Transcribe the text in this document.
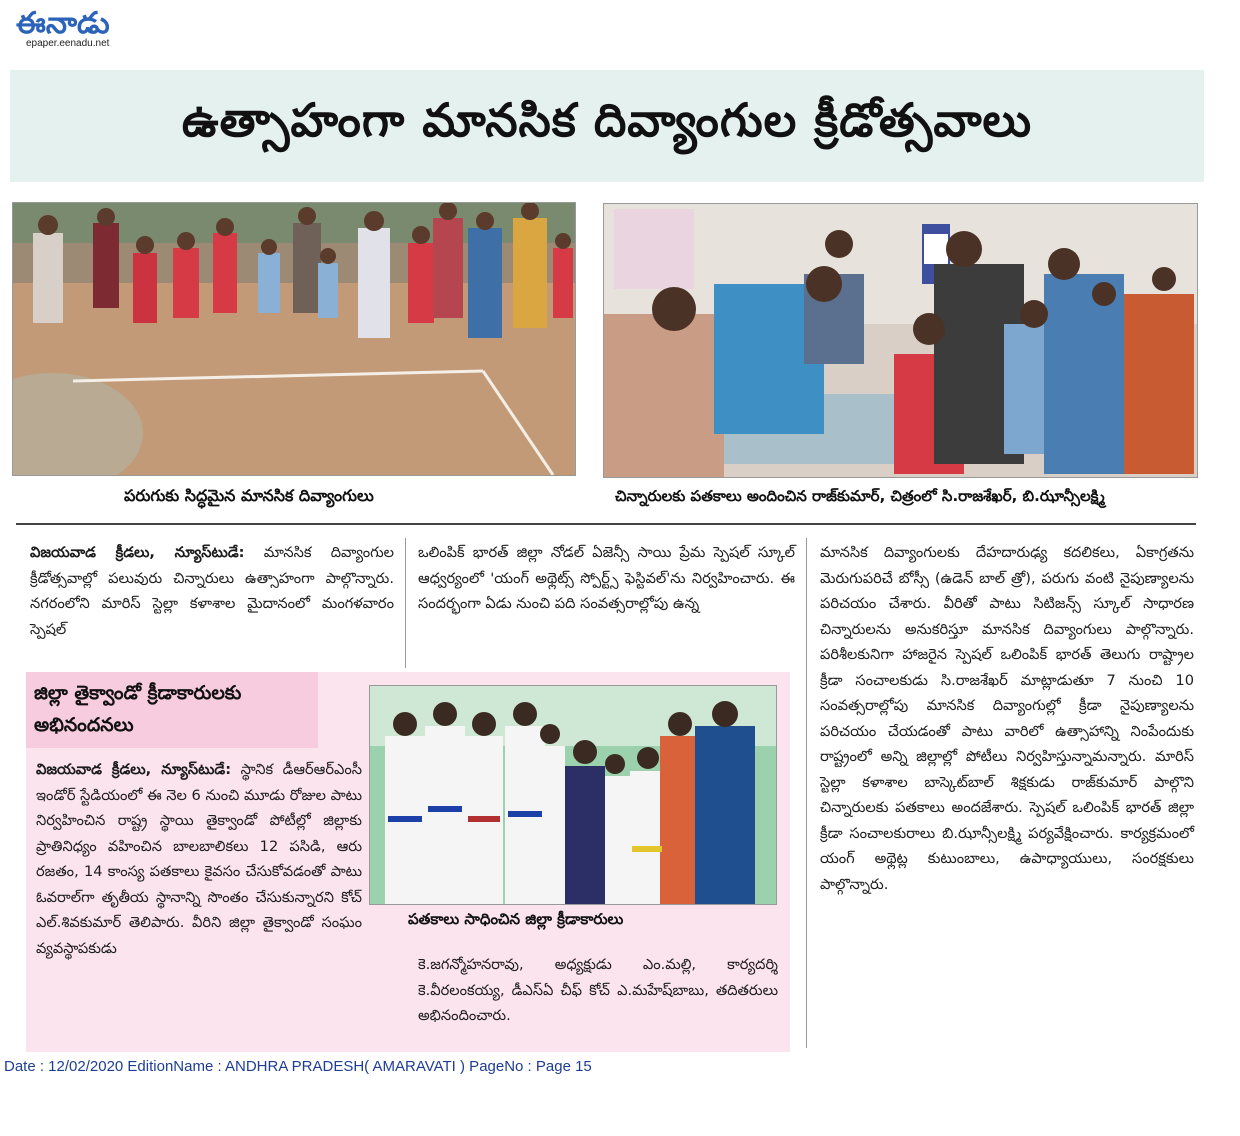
ఈనాడు
epaper.eenadu.net
ఉత్సాహంగా మానసిక దివ్యాంగుల క్రీడోత్సవాలు
పరుగుకు సిద్ధమైన మానసిక దివ్యాంగులు	చిన్నారులకు పతకాలు అందించిన రాజ్‌కుమార్, చిత్రంలో సి.రాజశేఖర్, బి.ఝాన్సీలక్ష్మి
విజయవాడ క్రీడలు, న్యూస్‌టుడే: మానసిక దివ్యాంగుల క్రీడోత్సవాల్లో పలువురు చిన్నారులు ఉత్సాహంగా పాల్గొన్నారు. నగరంలోని మారిస్ స్టెల్లా కళాశాల మైదానంలో మంగళవారం స్పెషల్
ఒలింపిక్ భారత్ జిల్లా నోడల్ ఏజెన్సీ సాయి ప్రేమ స్పెషల్ స్కూల్ ఆధ్వర్యంలో 'యంగ్ అథ్లెట్స్ స్పోర్ట్స్ ఫెస్టివల్'ను నిర్వహించారు. ఈ సందర్భంగా ఏడు నుంచి పది సంవత్సరాల్లోపు ఉన్న
మానసిక దివ్యాంగులకు దేహదారుఢ్య కదలికలు, ఏకాగ్రతను మెరుగుపరిచే బోస్సీ (ఉడెన్ బాల్ త్రో), పరుగు వంటి నైపుణ్యాలను పరిచయం చేశారు. వీరితో పాటు సిటిజన్స్ స్కూల్ సాధారణ చిన్నారులను అనుకరిస్తూ మానసిక దివ్యాంగులు పాల్గొన్నారు. పరిశీలకునిగా హాజరైన స్పెషల్ ఒలింపిక్ భారత్ తెలుగు రాష్ట్రాల క్రీడా సంచాలకుడు సి.రాజశేఖర్ మాట్లాడుతూ 7 నుంచి 10 సంవత్సరాల్లోపు మానసిక దివ్యాంగుల్లో క్రీడా నైపుణ్యాలను పరిచయం చేయడంతో పాటు వారిలో ఉత్సాహాన్ని నింపేందుకు రాష్ట్రంలో అన్ని జిల్లాల్లో పోటీలు నిర్వహిస్తున్నామన్నారు. మారిస్ స్టెల్లా కళాశాల బాస్కెట్‌బాల్ శిక్షకుడు రాజ్‌కుమార్ పాల్గొని చిన్నారులకు పతకాలు అందజేశారు. స్పెషల్ ఒలింపిక్ భారత్ జిల్లా క్రీడా సంచాలకురాలు బి.ఝాన్సీలక్ష్మి పర్యవేక్షించారు. కార్యక్రమంలో యంగ్ అథ్లెట్ల కుటుంబాలు, ఉపాధ్యాయులు, సంరక్షకులు పాల్గొన్నారు.
జిల్లా తైక్వాండో క్రీడాకారులకు అభినందనలు
విజయవాడ క్రీడలు, న్యూస్‌టుడే: స్థానిక డీఆర్ఆర్ఎంసీ ఇండోర్ స్టేడియంలో ఈ నెల 6 నుంచి మూడు రోజుల పాటు నిర్వహించిన రాష్ట్ర స్థాయి తైక్వాండో పోటీల్లో జిల్లాకు ప్రాతినిధ్యం వహించిన బాలబాలికలు 12 పసిడి, ఆరు రజతం, 14 కాంస్య పతకాలు కైవసం చేసుకోవడంతో పాటు ఓవరాల్‌గా తృతీయ స్థానాన్ని సొంతం చేసుకున్నారని కోచ్ ఎల్.శివకుమార్ తెలిపారు. వీరిని జిల్లా తైక్వాండో సంఘం వ్యవస్థాపకుడు
పతకాలు సాధించిన జిల్లా క్రీడాకారులు
కె.జగన్మోహనరావు, అధ్యక్షుడు ఎం.మల్లి, కార్యదర్శి కె.వీరలంకయ్య, డీఎస్ఏ చీఫ్ కోచ్ ఎ.మహేష్‌బాబు, తదితరులు అభినందించారు.
Date : 12/02/2020 EditionName : ANDHRA PRADESH( AMARAVATI ) PageNo : Page 15
